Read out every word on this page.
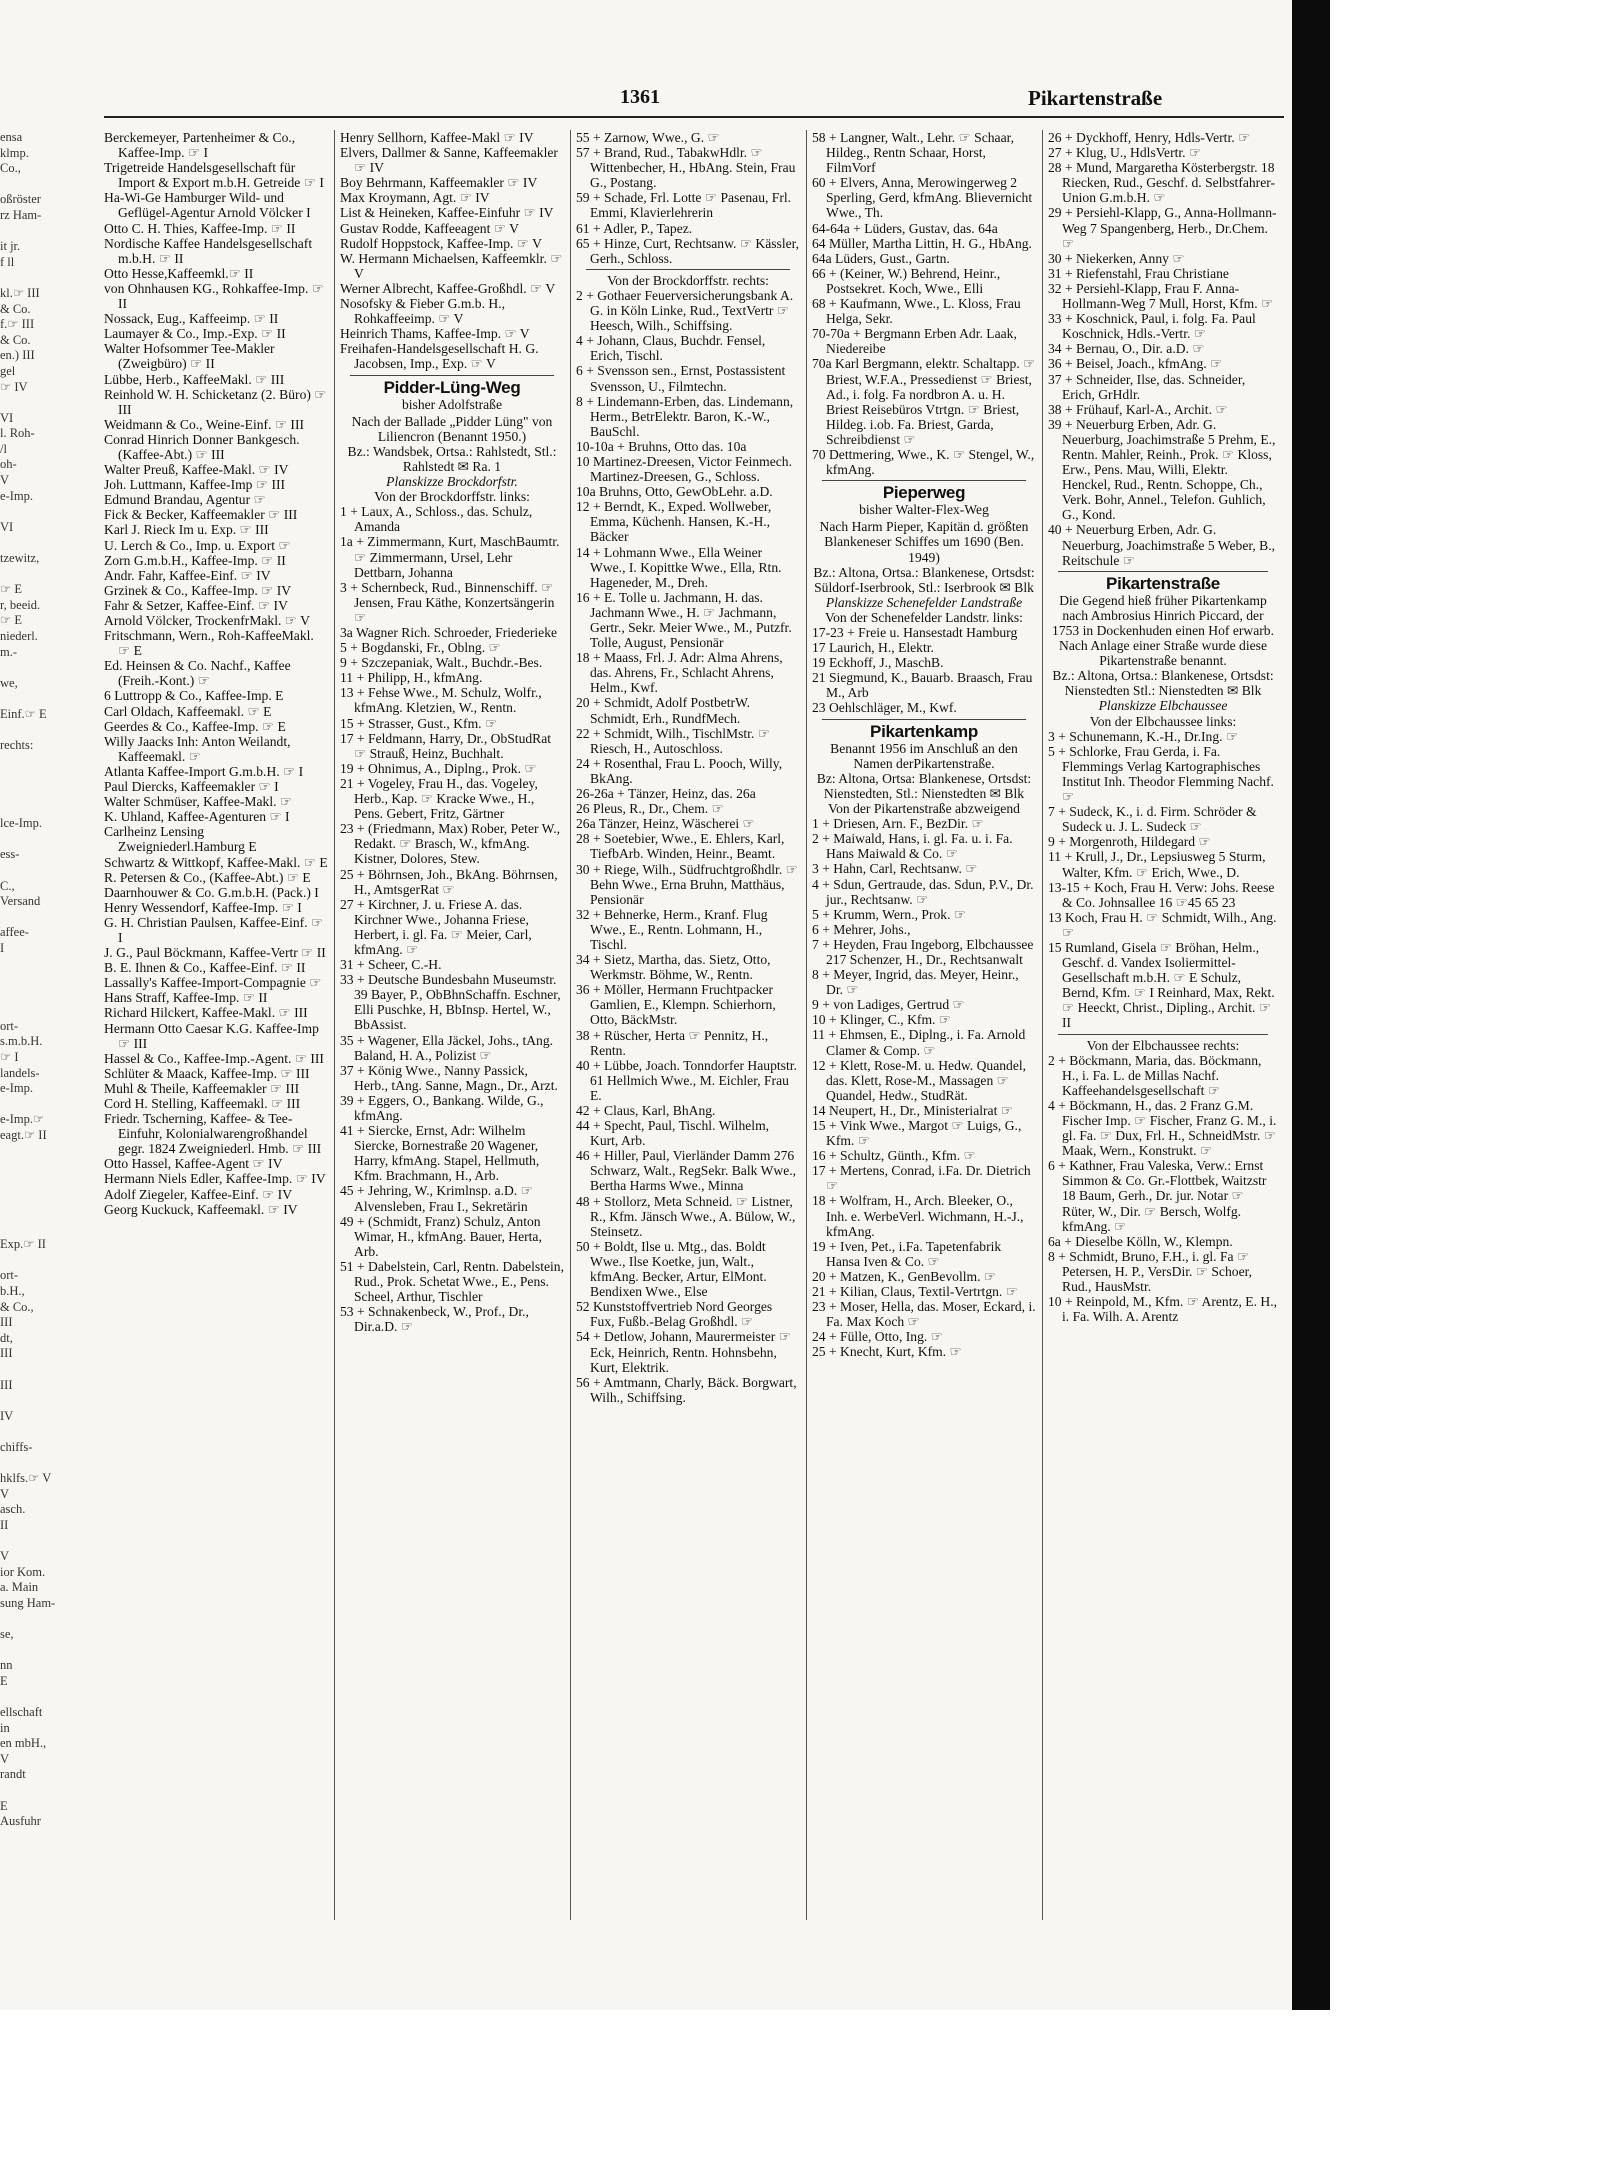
ensa
klmp.
Co.,

oßröster
rz Ham-

it jr.
f ll

kl.☞ III
& Co.
f.☞ III
& Co.
en.) III
gel
☞ IV

VI
l. Roh-
/l
oh-
V
e-Imp.

VI

tzewitz,

☞ E
r, beeid.
☞ E
niederl.
m.-

we,

Einf.☞ E

rechts:

lce-Imp.

ess-

C.,
Versand

affee-
I

ort-
s.m.b.H.
☞ I
landels-
e-Imp.

e-Imp.☞
eagt.☞ II

Exp.☞ II

ort-
b.H.,
& Co.,
III
dt,
III

III

IV

chiffs-

hklfs.☞ V
V
asch.
II

V
ior Kom.
a. Main
sung Ham-

se,

nn
E

ellschaft
in
en mbH.,
V
randt

E
Ausfuhr
1361	Pikartenstraße
Berckemeyer, Partenheimer & Co., Kaffee-Imp. ☞ I
Trigetreide Handelsgesellschaft für Import & Export m.b.H. Getreide ☞ I
Ha-Wi-Ge Hamburger Wild- und Geflügel-Agentur Arnold Völcker I
Otto C. H. Thies, Kaffee-Imp. ☞ II
Nordische Kaffee Handelsgesellschaft m.b.H. ☞ II
Otto Hesse,Kaffeemkl.☞ II
von Ohnhausen KG., Rohkaffee-Imp. ☞ II
Nossack, Eug., Kaffeeimp. ☞ II
Laumayer & Co., Imp.-Exp. ☞ II
Walter Hofsommer Tee-Makler (Zweigbüro) ☞ II
Lübbe, Herb., KaffeeMakl. ☞ III
Reinhold W. H. Schicketanz (2. Büro) ☞ III
Weidmann & Co., Weine-Einf. ☞ III
Conrad Hinrich Donner Bankgesch. (Kaffee-Abt.) ☞ III
Walter Preuß, Kaffee-Makl. ☞ IV
Joh. Luttmann, Kaffee-Imp ☞ III
Edmund Brandau, Agentur ☞
Fick & Becker, Kaffeemakler ☞ III
Karl J. Rieck Im u. Exp. ☞ III
U. Lerch & Co., Imp. u. Export ☞
Zorn G.m.b.H., Kaffee-Imp. ☞ II
Andr. Fahr, Kaffee-Einf. ☞ IV
Grzinek & Co., Kaffee-Imp. ☞ IV
Fahr & Setzer, Kaffee-Einf. ☞ IV
Arnold Völcker, TrockenfrMakl. ☞ V
Fritschmann, Wern., Roh-KaffeeMakl. ☞ E
Ed. Heinsen & Co. Nachf., Kaffee (Freih.-Kont.) ☞
6 Luttropp & Co., Kaffee-Imp. E
Carl Oldach, Kaffeemakl. ☞ E
Geerdes & Co., Kaffee-Imp. ☞ E
Willy Jaacks Inh: Anton Weilandt, Kaffeemakl. ☞
Atlanta Kaffee-Import G.m.b.H. ☞ I
Paul Diercks, Kaffeemakler ☞ I
Walter Schmüser, Kaffee-Makl. ☞
K. Uhland, Kaffee-Agenturen ☞ I
Carlheinz Lensing Zweigniederl.Hamburg E
Schwartz & Wittkopf, Kaffee-Makl. ☞ E
R. Petersen & Co., (Kaffee-Abt.) ☞ E
Daarnhouwer & Co. G.m.b.H. (Pack.) I
Henry Wessendorf, Kaffee-Imp. ☞ I
G. H. Christian Paulsen, Kaffee-Einf. ☞ I
J. G., Paul Böckmann, Kaffee-Vertr ☞ II
B. E. Ihnen & Co., Kaffee-Einf. ☞ II
Lassally's Kaffee-Import-Compagnie ☞
Hans Straff, Kaffee-Imp. ☞ II
Richard Hilckert, Kaffee-Makl. ☞ III
Hermann Otto Caesar K.G. Kaffee-Imp ☞ III
Hassel & Co., Kaffee-Imp.-Agent. ☞ III
Schlüter & Maack, Kaffee-Imp. ☞ III
Muhl & Theile, Kaffeemakler ☞ III
Cord H. Stelling, Kaffeemakl. ☞ III
Friedr. Tscherning, Kaffee- & Tee-Einfuhr, Kolonialwarengroßhandel gegr. 1824 Zweigniederl. Hmb. ☞ III
Otto Hassel, Kaffee-Agent ☞ IV
Hermann Niels Edler, Kaffee-Imp. ☞ IV
Adolf Ziegeler, Kaffee-Einf. ☞ IV
Georg Kuckuck, Kaffeemakl. ☞ IV
Henry Sellhorn, Kaffee-Makl ☞ IV
Elvers, Dallmer & Sanne, Kaffeemakler ☞ IV
Boy Behrmann, Kaffeemakler ☞ IV
Max Kroymann, Agt. ☞ IV
List & Heineken, Kaffee-Einfuhr ☞ IV
Gustav Rodde, Kaffeeagent ☞ V
Rudolf Hoppstock, Kaffee-Imp. ☞ V
W. Hermann Michaelsen, Kaffeemklr. ☞ V
Werner Albrecht, Kaffee-Großhdl. ☞ V
Nosofsky & Fieber G.m.b. H., Rohkaffeeimp. ☞ V
Heinrich Thams, Kaffee-Imp. ☞ V
Freihafen-Handelsgesellschaft H. G. Jacobsen, Imp., Exp. ☞ V
Pidder-Lüng-Weg
bisher Adolfstraße
Nach der Ballade „Pidder Lüng" von Liliencron (Benannt 1950.)
Bz.: Wandsbek, Ortsa.: Rahlstedt, Stl.: Rahlstedt ✉ Ra. 1
Planskizze Brockdorfstr.
Von der Brockdorffstr. links:
1 + Laux, A., Schloss., das. Schulz, Amanda
1a + Zimmermann, Kurt, MaschBaumtr. ☞ Zimmermann, Ursel, Lehr Dettbarn, Johanna
3 + Schernbeck, Rud., Binnenschiff. ☞ Jensen, Frau Käthe, Konzertsängerin ☞
3a Wagner Rich. Schroeder, Friederieke
5 + Bogdanski, Fr., Oblng. ☞
9 + Szczepaniak, Walt., Buchdr.-Bes.
11 + Philipp, H., kfmAng.
13 + Fehse Wwe., M. Schulz, Wolfr., kfmAng. Kletzien, W., Rentn.
15 + Strasser, Gust., Kfm. ☞
17 + Feldmann, Harry, Dr., ObStudRat ☞ Strauß, Heinz, Buchhalt.
19 + Ohnimus, A., Diplng., Prok. ☞
21 + Vogeley, Frau H., das. Vogeley, Herb., Kap. ☞ Kracke Wwe., H., Pens. Gebert, Fritz, Gärtner
23 + (Friedmann, Max) Rober, Peter W., Redakt. ☞ Brasch, W., kfmAng. Kistner, Dolores, Stew.
25 + Böhrnsen, Joh., BkAng. Böhrnsen, H., AmtsgerRat ☞
27 + Kirchner, J. u. Friese A. das. Kirchner Wwe., Johanna Friese, Herbert, i. gl. Fa. ☞ Meier, Carl, kfmAng. ☞
31 + Scheer, C.-H.
33 + Deutsche Bundesbahn Museumstr. 39 Bayer, P., ObBhnSchaffn. Eschner, Elli Puschke, H, BbInsp. Hertel, W., BbAssist.
35 + Wagener, Ella Jäckel, Johs., tAng. Baland, H. A., Polizist ☞
37 + König Wwe., Nanny Passick, Herb., tAng. Sanne, Magn., Dr., Arzt.
39 + Eggers, O., Bankang. Wilde, G., kfmAng.
41 + Siercke, Ernst, Adr: Wilhelm Siercke, Bornestraße 20 Wagener, Harry, kfmAng. Stapel, Hellmuth, Kfm. Brachmann, H., Arb.
45 + Jehring, W., Krimlnsp. a.D. ☞ Alvensleben, Frau I., Sekretärin
49 + (Schmidt, Franz) Schulz, Anton Wimar, H., kfmAng. Bauer, Herta, Arb.
51 + Dabelstein, Carl, Rentn. Dabelstein, Rud., Prok. Schetat Wwe., E., Pens. Scheel, Arthur, Tischler
53 + Schnakenbeck, W., Prof., Dr., Dir.a.D. ☞
55 + Zarnow, Wwe., G. ☞
57 + Brand, Rud., TabakwHdlr. ☞ Wittenbecher, H., HbAng. Stein, Frau G., Postang.
59 + Schade, Frl. Lotte ☞ Pasenau, Frl. Emmi, Klavierlehrerin
61 + Adler, P., Tapez.
65 + Hinze, Curt, Rechtsanw. ☞ Kässler, Gerh., Schloss.
Von der Brockdorffstr. rechts:
2 + Gothaer Feuerversicherungsbank A. G. in Köln Linke, Rud., TextVertr ☞ Heesch, Wilh., Schiffsing.
4 + Johann, Claus, Buchdr. Fensel, Erich, Tischl.
6 + Svensson sen., Ernst, Postassistent Svensson, U., Filmtechn.
8 + Lindemann-Erben, das. Lindemann, Herm., BetrElektr. Baron, K.-W., BauSchl.
10-10a + Bruhns, Otto das. 10a
10 Martinez-Dreesen, Victor Feinmech. Martinez-Dreesen, G., Schloss.
10a Bruhns, Otto, GewObLehr. a.D.
12 + Berndt, K., Exped. Wollweber, Emma, Küchenh. Hansen, K.-H., Bäcker
14 + Lohmann Wwe., Ella Weiner Wwe., I. Kopittke Wwe., Ella, Rtn. Hageneder, M., Dreh.
16 + E. Tolle u. Jachmann, H. das. Jachmann Wwe., H. ☞ Jachmann, Gertr., Sekr. Meier Wwe., M., Putzfr. Tolle, August, Pensionär
18 + Maass, Frl. J. Adr: Alma Ahrens, das. Ahrens, Fr., Schlacht Ahrens, Helm., Kwf.
20 + Schmidt, Adolf PostbetrW. Schmidt, Erh., RundfMech.
22 + Schmidt, Wilh., TischlMstr. ☞ Riesch, H., Autoschloss.
24 + Rosenthal, Frau L. Pooch, Willy, BkAng.
26-26a + Tänzer, Heinz, das. 26a
26 Pleus, R., Dr., Chem. ☞
26a Tänzer, Heinz, Wäscherei ☞
28 + Soetebier, Wwe., E. Ehlers, Karl, TiefbArb. Winden, Heinr., Beamt.
30 + Riege, Wilh., Südfruchtgroßhdlr. ☞ Behn Wwe., Erna Bruhn, Matthäus, Pensionär
32 + Behnerke, Herm., Kranf. Flug Wwe., E., Rentn. Lohmann, H., Tischl.
34 + Sietz, Martha, das. Sietz, Otto, Werkmstr. Böhme, W., Rentn.
36 + Möller, Hermann Fruchtpacker Gamlien, E., Klempn. Schierhorn, Otto, BäckMstr.
38 + Rüscher, Herta ☞ Pennitz, H., Rentn.
40 + Lübbe, Joach. Tonndorfer Hauptstr. 61 Hellmich Wwe., M. Eichler, Frau E.
42 + Claus, Karl, BhAng.
44 + Specht, Paul, Tischl. Wilhelm, Kurt, Arb.
46 + Hiller, Paul, Vierländer Damm 276 Schwarz, Walt., RegSekr. Balk Wwe., Bertha Harms Wwe., Minna
48 + Stollorz, Meta Schneid. ☞ Listner, R., Kfm. Jänsch Wwe., A. Bülow, W., Steinsetz.
50 + Boldt, Ilse u. Mtg., das. Boldt Wwe., Ilse Koetke, jun, Walt., kfmAng. Becker, Artur, ElMont. Bendixen Wwe., Else
52 Kunststoffvertrieb Nord Georges Fux, Fußb.-Belag Großhdl. ☞
54 + Detlow, Johann, Maurermeister ☞ Eck, Heinrich, Rentn. Hohnsbehn, Kurt, Elektrik.
56 + Amtmann, Charly, Bäck. Borgwart, Wilh., Schiffsing.
58 + Langner, Walt., Lehr. ☞ Schaar, Hildeg., Rentn Schaar, Horst, FilmVorf
60 + Elvers, Anna, Merowingerweg 2 Sperling, Gerd, kfmAng. Blievernicht Wwe., Th.
64-64a + Lüders, Gustav, das. 64a
64 Müller, Martha Littin, H. G., HbAng.
64a Lüders, Gust., Gartn.
66 + (Keiner, W.) Behrend, Heinr., Postsekret. Koch, Wwe., Elli
68 + Kaufmann, Wwe., L. Kloss, Frau Helga, Sekr.
70-70a + Bergmann Erben Adr. Laak, Niedereibe
70a Karl Bergmann, elektr. Schaltapp. ☞ Briest, W.F.A., Pressedienst ☞ Briest, Ad., i. folg. Fa nordbron A. u. H. Briest Reisebüros Vtrtgn. ☞ Briest, Hildeg. i.ob. Fa. Briest, Garda, Schreibdienst ☞
70 Dettmering, Wwe., K. ☞ Stengel, W., kfmAng.
Pieperweg
bisher Walter-Flex-Weg
Nach Harm Pieper, Kapitän d. größten Blankeneser Schiffes um 1690 (Ben. 1949)
Bz.: Altona, Ortsa.: Blankenese, Ortsdst: Süldorf-Iserbrook, Stl.: Iserbrook ✉ Blk
Planskizze Schenefelder Landstraße
Von der Schenefelder Landstr. links:
17-23 + Freie u. Hansestadt Hamburg
17 Laurich, H., Elektr.
19 Eckhoff, J., MaschB.
21 Siegmund, K., Bauarb. Braasch, Frau M., Arb
23 Oehlschläger, M., Kwf.
Pikartenkamp
Benannt 1956 im Anschluß an den Namen derPikartenstraße.
Bz: Altona, Ortsa: Blankenese, Ortsdst: Nienstedten, Stl.: Nienstedten ✉ Blk
Von der Pikartenstraße abzweigend
1 + Driesen, Arn. F., BezDir. ☞
2 + Maiwald, Hans, i. gl. Fa. u. i. Fa. Hans Maiwald & Co. ☞
3 + Hahn, Carl, Rechtsanw. ☞
4 + Sdun, Gertraude, das. Sdun, P.V., Dr. jur., Rechtsanw. ☞
5 + Krumm, Wern., Prok. ☞
6 + Mehrer, Johs.,
7 + Heyden, Frau Ingeborg, Elbchaussee 217 Schenzer, H., Dr., Rechtsanwalt
8 + Meyer, Ingrid, das. Meyer, Heinr., Dr. ☞
9 + von Ladiges, Gertrud ☞
10 + Klinger, C., Kfm. ☞
11 + Ehmsen, E., Diplng., i. Fa. Arnold Clamer & Comp. ☞
12 + Klett, Rose-M. u. Hedw. Quandel, das. Klett, Rose-M., Massagen ☞ Quandel, Hedw., StudRät.
14 Neupert, H., Dr., Ministerialrat ☞
15 + Vink Wwe., Margot ☞ Luigs, G., Kfm. ☞
16 + Schultz, Günth., Kfm. ☞
17 + Mertens, Conrad, i.Fa. Dr. Dietrich ☞
18 + Wolfram, H., Arch. Bleeker, O., Inh. e. WerbeVerl. Wichmann, H.-J., kfmAng.
19 + Iven, Pet., i.Fa. Tapetenfabrik Hansa Iven & Co. ☞
20 + Matzen, K., GenBevollm. ☞
21 + Kilian, Claus, Textil-Vertrtgn. ☞
23 + Moser, Hella, das. Moser, Eckard, i. Fa. Max Koch ☞
24 + Fülle, Otto, Ing. ☞
25 + Knecht, Kurt, Kfm. ☞
26 + Dyckhoff, Henry, Hdls-Vertr. ☞
27 + Klug, U., HdlsVertr. ☞
28 + Mund, Margaretha Kösterbergstr. 18 Riecken, Rud., Geschf. d. Selbstfahrer-Union G.m.b.H. ☞
29 + Persiehl-Klapp, G., Anna-Hollmann-Weg 7 Spangenberg, Herb., Dr.Chem. ☞
30 + Niekerken, Anny ☞
31 + Riefenstahl, Frau Christiane
32 + Persiehl-Klapp, Frau F. Anna-Hollmann-Weg 7 Mull, Horst, Kfm. ☞
33 + Koschnick, Paul, i. folg. Fa. Paul Koschnick, Hdls.-Vertr. ☞
34 + Bernau, O., Dir. a.D. ☞
36 + Beisel, Joach., kfmAng. ☞
37 + Schneider, Ilse, das. Schneider, Erich, GrHdlr.
38 + Frühauf, Karl-A., Archit. ☞
39 + Neuerburg Erben, Adr. G. Neuerburg, Joachimstraße 5 Prehm, E., Rentn. Mahler, Reinh., Prok. ☞ Kloss, Erw., Pens. Mau, Willi, Elektr. Henckel, Rud., Rentn. Schoppe, Ch., Verk. Bohr, Annel., Telefon. Guhlich, G., Kond.
40 + Neuerburg Erben, Adr. G. Neuerburg, Joachimstraße 5 Weber, B., Reitschule ☞
Pikartenstraße
Die Gegend hieß früher Pikartenkamp nach Ambrosius Hinrich Piccard, der 1753 in Dockenhuden einen Hof erwarb. Nach Anlage einer Straße wurde diese Pikartenstraße benannt.
Bz.: Altona, Ortsa.: Blankenese, Ortsdst: Nienstedten Stl.: Nienstedten ✉ Blk
Planskizze Elbchaussee
Von der Elbchaussee links:
3 + Schunemann, K.-H., Dr.Ing. ☞
5 + Schlorke, Frau Gerda, i. Fa. Flemmings Verlag Kartographisches Institut Inh. Theodor Flemming Nachf. ☞
7 + Sudeck, K., i. d. Firm. Schröder & Sudeck u. J. L. Sudeck ☞
9 + Morgenroth, Hildegard ☞
11 + Krull, J., Dr., Lepsiusweg 5 Sturm, Walter, Kfm. ☞ Erich, Wwe., D.
13-15 + Koch, Frau H. Verw: Johs. Reese & Co. Johnsallee 16 ☞45 65 23
13 Koch, Frau H. ☞ Schmidt, Wilh., Ang. ☞
15 Rumland, Gisela ☞ Bröhan, Helm., Geschf. d. Vandex Isoliermittel-Gesellschaft m.b.H. ☞ E Schulz, Bernd, Kfm. ☞ I Reinhard, Max, Rekt. ☞ Heeckt, Christ., Dipling., Archit. ☞ II
Von der Elbchaussee rechts:
2 + Böckmann, Maria, das. Böckmann, H., i. Fa. L. de Millas Nachf. Kaffeehandelsgesellschaft ☞
4 + Böckmann, H., das. 2 Franz G.M. Fischer Imp. ☞ Fischer, Franz G. M., i. gl. Fa. ☞ Dux, Frl. H., SchneidMstr. ☞ Maak, Wern., Konstrukt. ☞
6 + Kathner, Frau Valeska, Verw.: Ernst Simmon & Co. Gr.-Flottbek, Waitzstr 18 Baum, Gerh., Dr. jur. Notar ☞ Rüter, W., Dir. ☞ Bersch, Wolfg. kfmAng. ☞
6a + Dieselbe Kölln, W., Klempn.
8 + Schmidt, Bruno, F.H., i. gl. Fa ☞ Petersen, H. P., VersDir. ☞ Schoer, Rud., HausMstr.
10 + Reinpold, M., Kfm. ☞ Arentz, E. H., i. Fa. Wilh. A. Arentz
